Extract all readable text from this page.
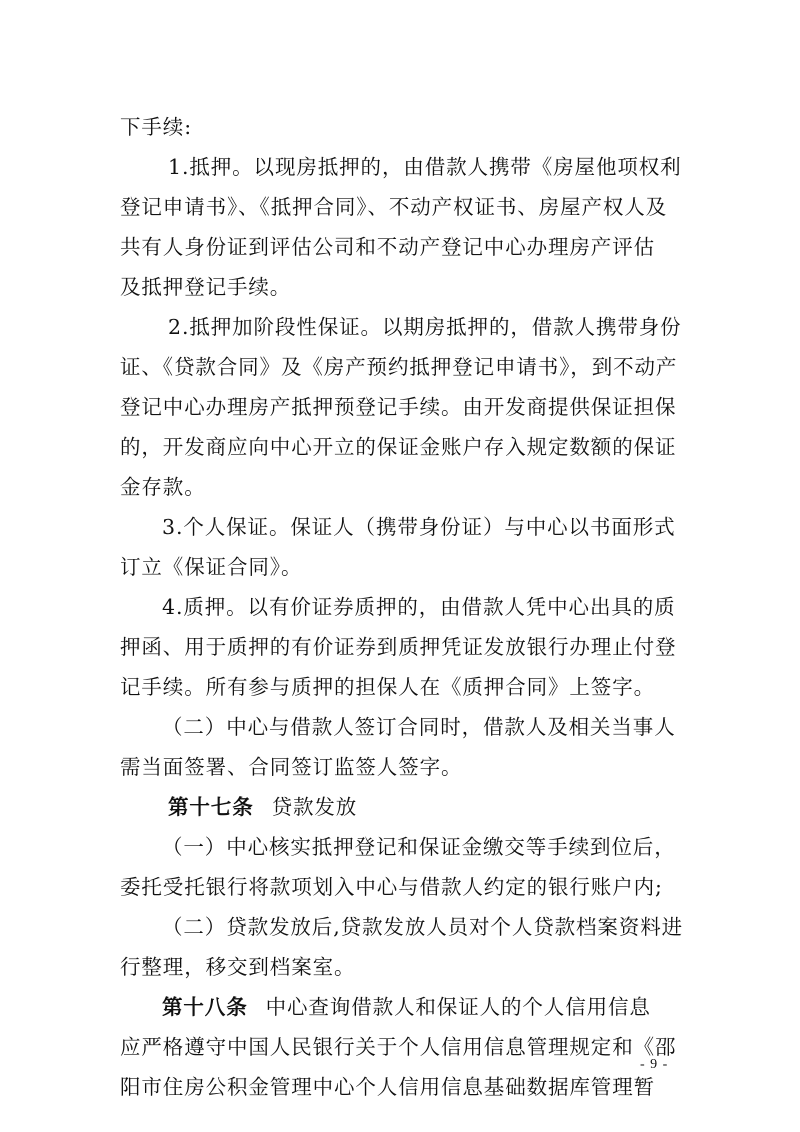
下手续:
1.抵押。以现房抵押的，由借款人携带《房屋他项权利
登记申请书》、《抵押合同》、不动产权证书、房屋产权人及
共有人身份证到评估公司和不动产登记中心办理房产评估
及抵押登记手续。
2.抵押加阶段性保证。以期房抵押的，借款人携带身份
证、《贷款合同》及《房产预约抵押登记申请书》，到不动产
登记中心办理房产抵押预登记手续。由开发商提供保证担保
的，开发商应向中心开立的保证金账户存入规定数额的保证
金存款。
3.个人保证。保证人（携带身份证）与中心以书面形式
订立《保证合同》。
4.质押。以有价证券质押的，由借款人凭中心出具的质
押函、用于质押的有价证券到质押凭证发放银行办理止付登
记手续。所有参与质押的担保人在《质押合同》上签字。
（二）中心与借款人签订合同时，借款人及相关当事人
需当面签署、合同签订监签人签字。
第十七条 贷款发放
（一）中心核实抵押登记和保证金缴交等手续到位后，
委托受托银行将款项划入中心与借款人约定的银行账户内;
（二）贷款发放后,贷款发放人员对个人贷款档案资料进
行整理，移交到档案室。
第十八条 中心查询借款人和保证人的个人信用信息
应严格遵守中国人民银行关于个人信用信息管理规定和《邵
阳市住房公积金管理中心个人信用信息基础数据库管理暂
- 9 -
